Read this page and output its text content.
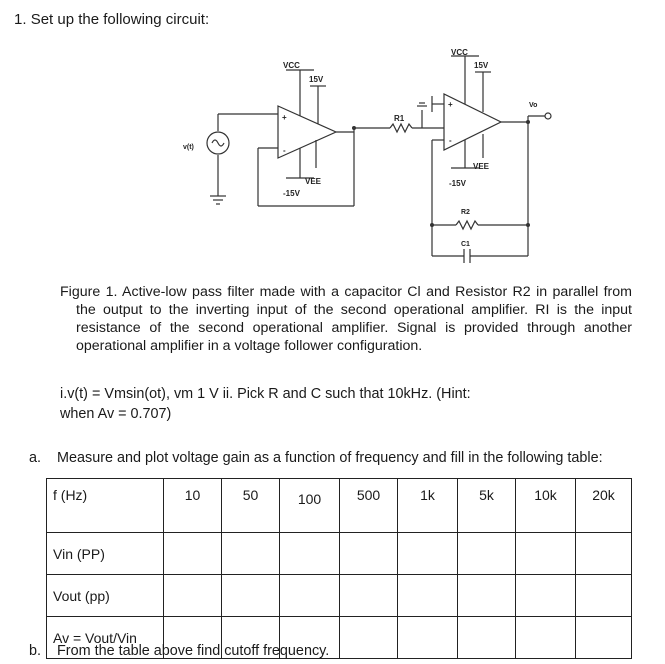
1. Set up the following circuit:
VCC
15V
+
-
VEE
-15V
v(t)
R1
VCC
15V
+
-
VEE
-15V
Vo
R2
C1

Figure 1. Active-low pass filter made with a capacitor Cl and Resistor R2 in parallel from the output to the inverting input of the second operational amplifier. RI is the input resistance of the second operational amplifier. Signal is provided through another operational amplifier in a voltage follower configuration.

i.v(t) = Vmsin(ot), vm 1 V ii. Pick R and C such that 10kHz. (Hint:
when Av = 0.707)
a. Measure and plot voltage gain as a function of frequency and fill in the following table:
f (Hz)	10	50	100	500	1k	5k	10k	20k
Vin (PP)								
Vout (pp)								
Av = Vout/Vin								
b. From the table above find cutoff frequency.
